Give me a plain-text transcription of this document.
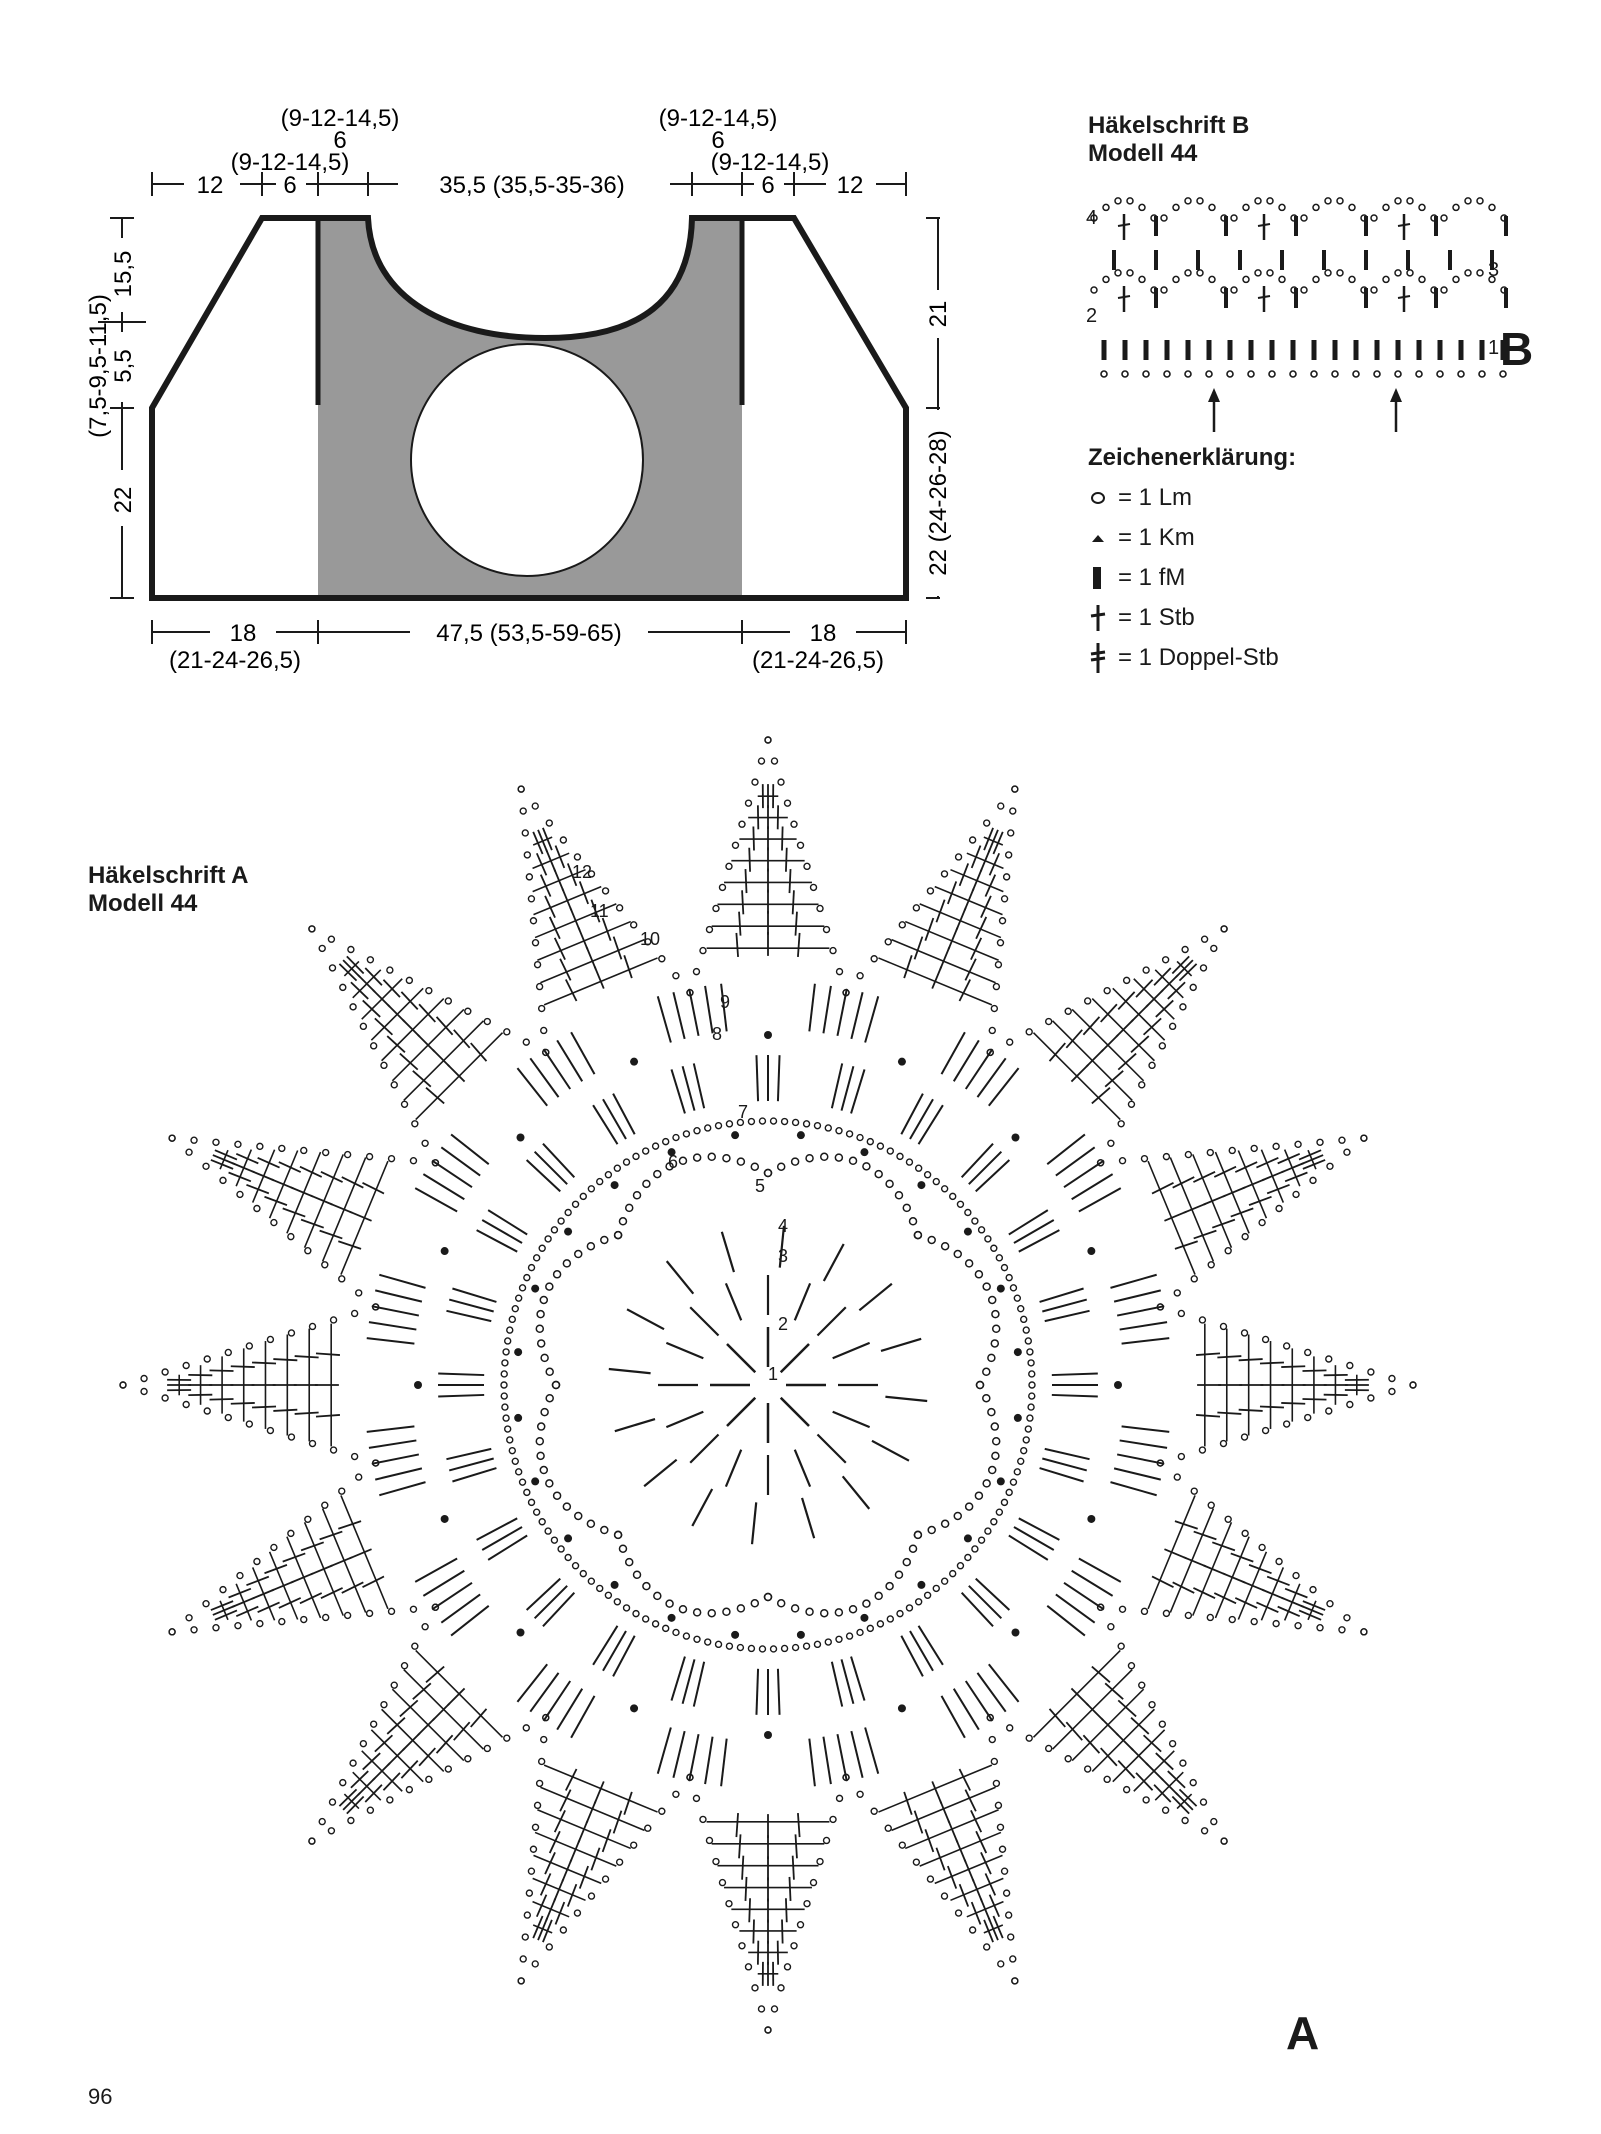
12 6	35,5 (35,5-35-36)	6	12
(9-12-14,5)
6
(9-12-14,5)
(9-12-14,5)
6
(9-12-14,5)
15,5
5,5
(7,5-9,5-11,5)
22
21
22 (24-26-28)
18
(21-24-26,5)
47,5 (53,5-59-65)	18
(21-24-26,5)
Häkelschrift B
Modell 44
4
3
2
1 B
Zeichenerklärung:
= 1 Lm
= 1 Km
= 1 fM
= 1 Stb
= 1 Doppel-Stb
Häkelschrift A
Modell 44
1
2
3
4
5
6
7
8
9
10
11
12
A
96
